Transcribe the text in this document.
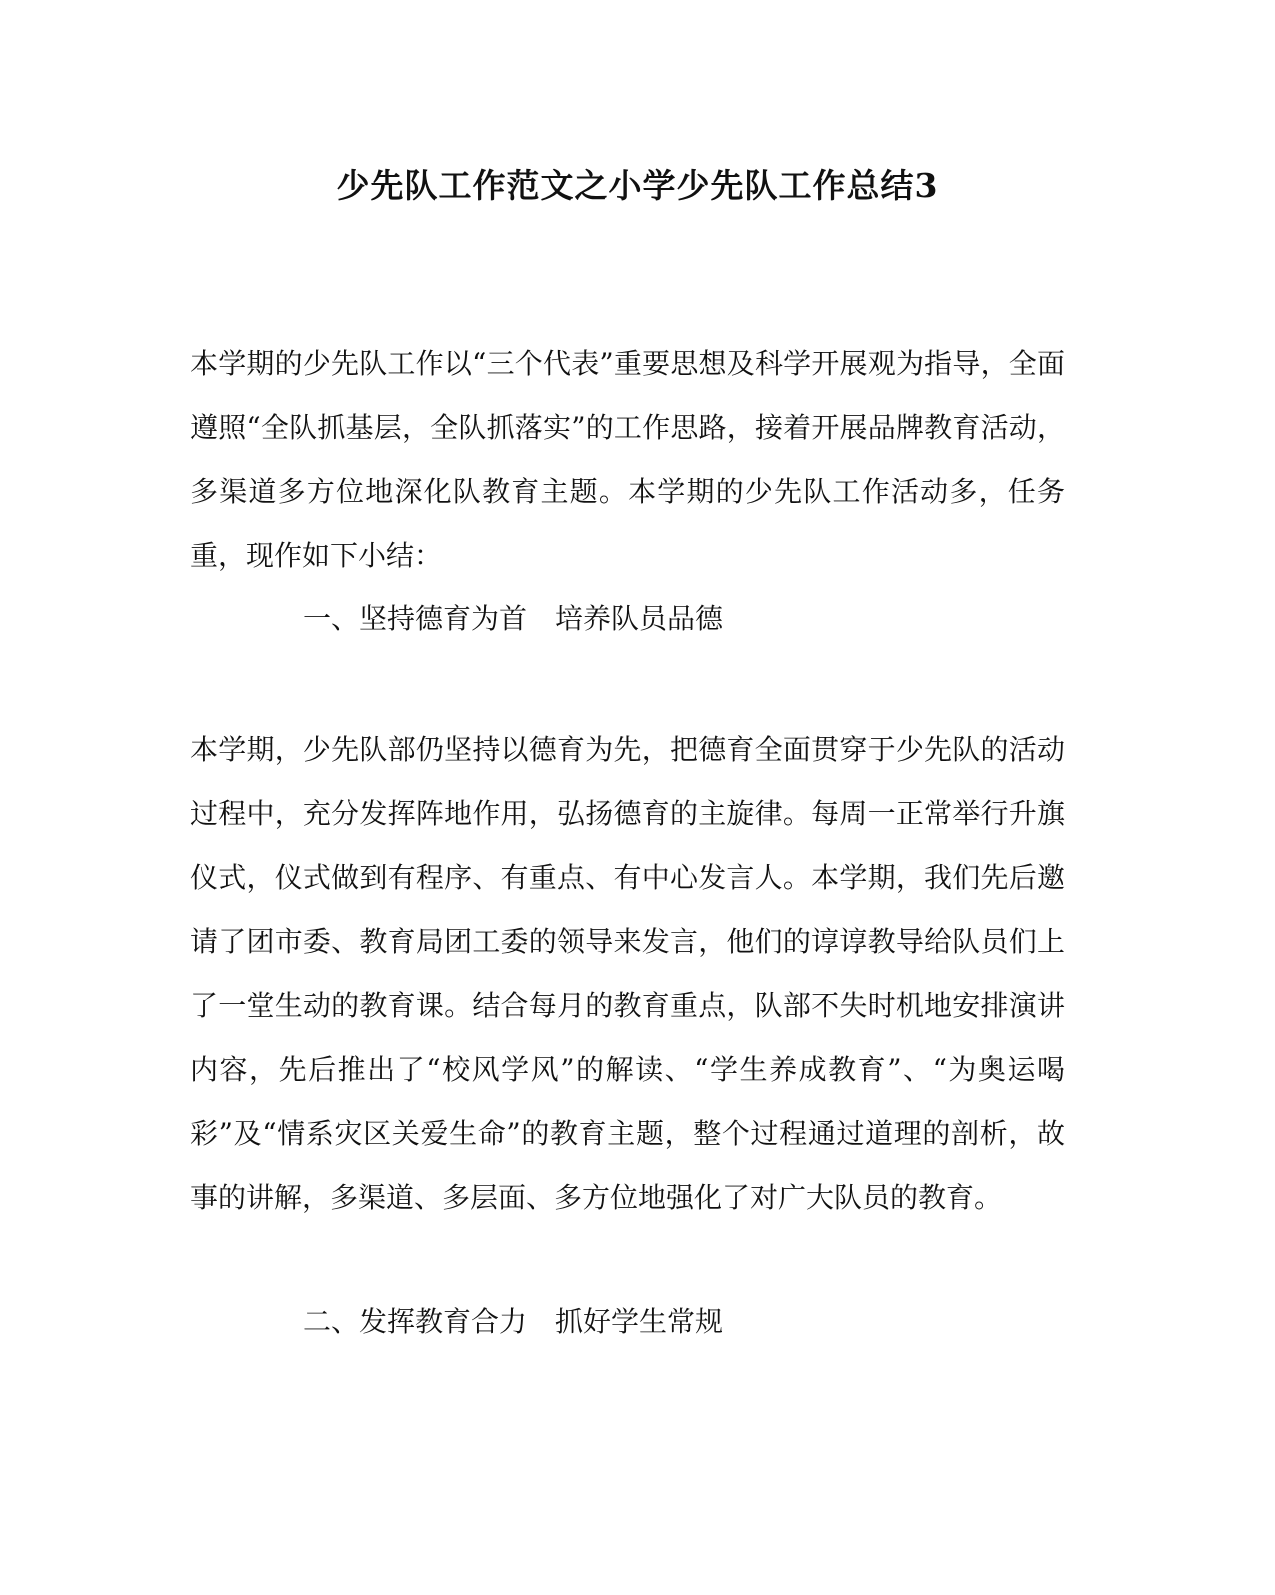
少先队工作范文之小学少先队工作总结3

本学期的少先队工作以“三个代表”重要思想及科学开展观为指导，全面遵照“全队抓基层，全队抓落实”的工作思路，接着开展品牌教育活动，多渠道多方位地深化队教育主题。本学期的少先队工作活动多，任务重，现作如下小结：

一、坚持德育为首　培养队员品德

本学期，少先队部仍坚持以德育为先，把德育全面贯穿于少先队的活动过程中，充分发挥阵地作用，弘扬德育的主旋律。每周一正常举行升旗仪式，仪式做到有程序、有重点、有中心发言人。本学期，我们先后邀请了团市委、教育局团工委的领导来发言，他们的谆谆教导给队员们上了一堂生动的教育课。结合每月的教育重点，队部不失时机地安排演讲内容，先后推出了“校风学风”的解读、“学生养成教育”、“为奥运喝彩”及“情系灾区关爱生命”的教育主题，整个过程通过道理的剖析，故事的讲解，多渠道、多层面、多方位地强化了对广大队员的教育。

二、发挥教育合力　抓好学生常规
